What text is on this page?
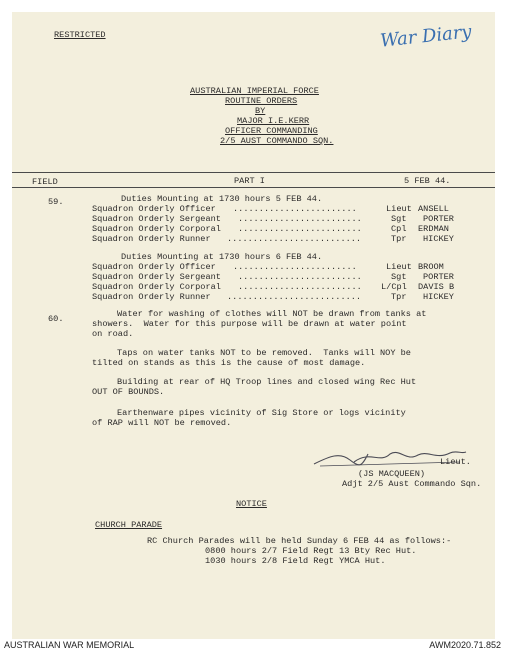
RESTRICTED	War Diary
AUSTRALIAN IMPERIAL FORCE
ROUTINE ORDERS
BY
MAJOR I.E.KERR
OFFICER COMMANDING
2/5 AUST COMMANDO SQN.
FIELD	PART I	5 FEB 44.
59.	Duties Mounting at 1730 hours 5 FEB 44.
Squadron Orderly Officer ........................	Lieut ANSELL
Squadron Orderly Sergeant ........................	Sgt PORTER
Squadron Orderly Corporal ........................	Cpl ERDMAN
Squadron Orderly Runner ..........................	Tpr HICKEY
Duties Mounting at 1730 hours 6 FEB 44.
Squadron Orderly Officer ........................	Lieut BROOM
Squadron Orderly Sergeant ........................	Sgt PORTER
Squadron Orderly Corporal ........................ L/Cpl DAVIS B
Squadron Orderly Runner ..........................	Tpr HICKEY
60.	Water for washing of clothes will NOT be drawn from tanks at
showers.  Water for this purpose will be drawn at water point
on road.
Taps on water tanks NOT to be removed.  Tanks will NOY be
tilted on stands as this is the cause of most damage.
Building at rear of HQ Troop lines and closed wing Rec Hut
OUT OF BOUNDS.
Earthenware pipes vicinity of Sig Store or logs vicinity
of RAP will NOT be removed.
Lieut.
(JS MACQUEEN)
Adjt 2/5 Aust Commando Sqn.
NOTICE
CHURCH PARADE
RC Church Parades will be held Sunday 6 FEB 44 as follows:-
0800 hours 2/7 Field Regt 13 Bty Rec Hut.
1030 hours 2/8 Field Regt YMCA Hut.
AUSTRALIAN WAR MEMORIAL	AWM2020.71.852
